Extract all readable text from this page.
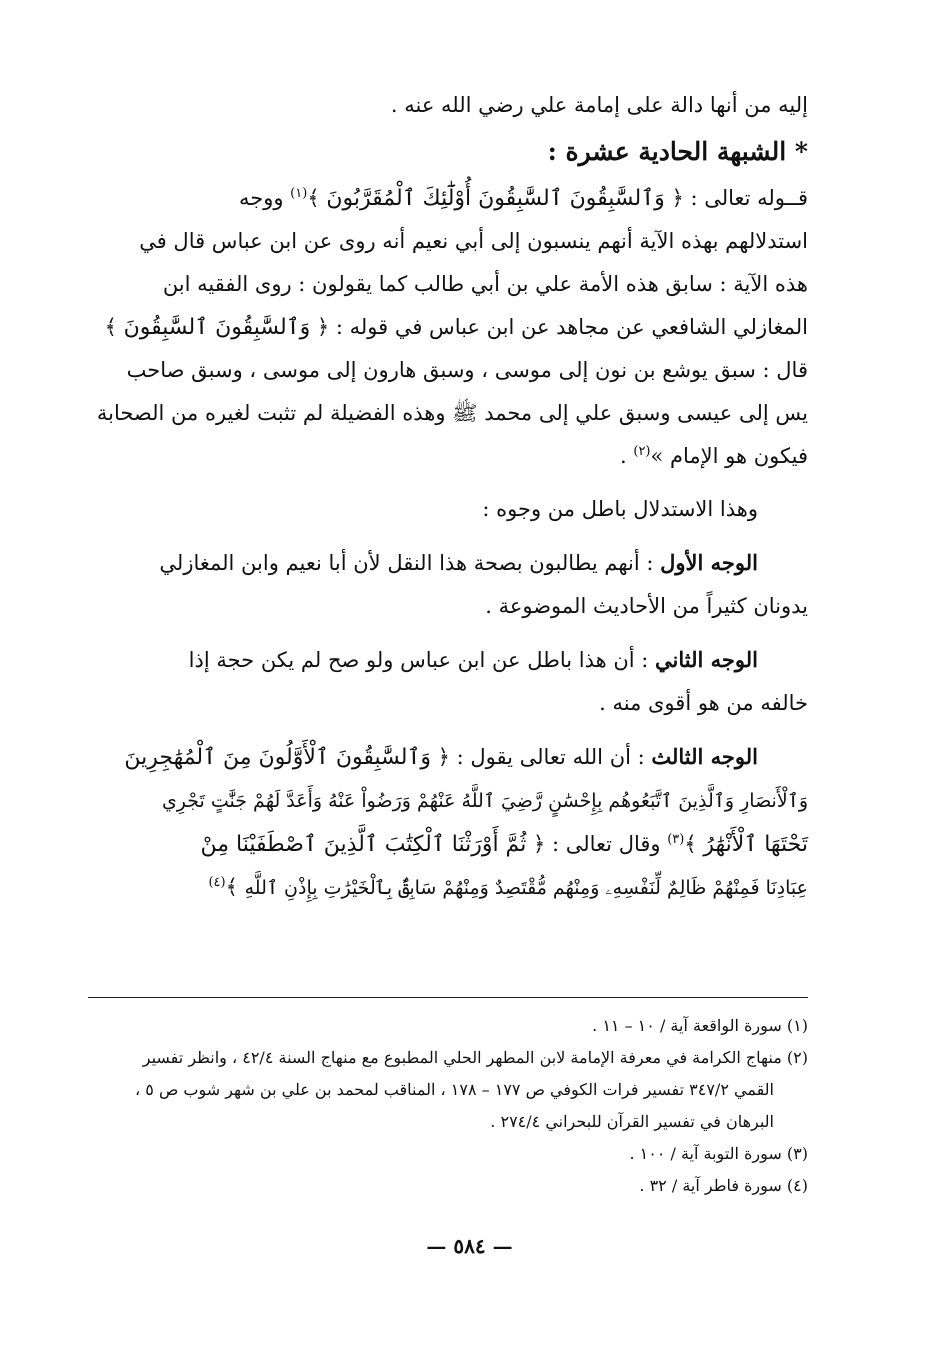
إليه من أنها دالة على إمامة علي رضي الله عنه .
* الشبهة الحادية عشرة :
قــوله تعالى : ﴿ وَٱلسَّٰبِقُونَ ٱلسَّٰبِقُونَ أُوْلَٰٓئِكَ ٱلْمُقَرَّبُونَ ﴾$^{(١)}$ ووجه
استدلالهم بهذه الآية أنهم ينسبون إلى أبي نعيم أنه روى عن ابن عباس قال في
هذه الآية : سابق هذه الأمة علي بن أبي طالب كما يقولون : روى الفقيه ابن
المغازلي الشافعي عن مجاهد عن ابن عباس في قوله : ﴿ وَٱلسَّٰبِقُونَ ٱلسَّٰبِقُونَ ﴾
قال : سبق يوشع بن نون إلى موسى ، وسبق هارون إلى موسى ، وسبق صاحب
يس إلى عيسى وسبق علي إلى محمد ﷺ وهذه الفضيلة لم تثبت لغيره من الصحابة
فيكون هو الإمام »$^{(٢)}$ .
وهذا الاستدلال باطل من وجوه :
الوجه الأول : أنهم يطالبون بصحة هذا النقل لأن أبا نعيم وابن المغازلي
يدونان كثيراً من الأحاديث الموضوعة .
الوجه الثاني : أن هذا باطل عن ابن عباس ولو صح لم يكن حجة إذا
خالفه من هو أقوى منه .
الوجه الثالث : أن الله تعالى يقول : ﴿ وَٱلسَّٰبِقُونَ ٱلْأَوَّلُونَ مِنَ ٱلْمُهَٰجِرِينَ
وَٱلْأَنصَارِ وَٱلَّذِينَ ٱتَّبَعُوهُم بِإِحْسَٰنٍ رَّضِيَ ٱللَّهُ عَنْهُمْ وَرَضُواْ عَنْهُ وَأَعَدَّ لَهُمْ جَنَّٰتٍ تَجْرِي
تَحْتَهَا ٱلْأَنْهَٰرُ ﴾$^{(٣)}$ وقال تعالى : ﴿ ثُمَّ أَوْرَثْنَا ٱلْكِتَٰبَ ٱلَّذِينَ ٱصْطَفَيْنَا مِنْ
عِبَادِنَا فَمِنْهُمْ ظَالِمٌ لِّنَفْسِهِۦ وَمِنْهُم مُّقْتَصِدٌ وَمِنْهُمْ سَابِقٌۢ بِٱلْخَيْرَٰتِ بِإِذْنِ ٱللَّهِ ﴾$^{(٤)}$
(١) سورة الواقعة آية / ١٠ – ١١ .
(٢) منهاج الكرامة في معرفة الإمامة لابن المطهر الحلي المطبوع مع منهاج السنة ٤٢/٤ ، وانظر تفسير
القمي ٣٤٧/٢ تفسير فرات الكوفي ص ١٧٧ – ١٧٨ ، المناقب لمحمد بن علي بن شهر شوب ص ٥ ،
البرهان في تفسير القرآن للبحراني ٢٧٤/٤ .
(٣) سورة التوبة آية / ١٠٠ .
(٤) سورة فاطر آية / ٣٢ .
— ٥٨٤ —
